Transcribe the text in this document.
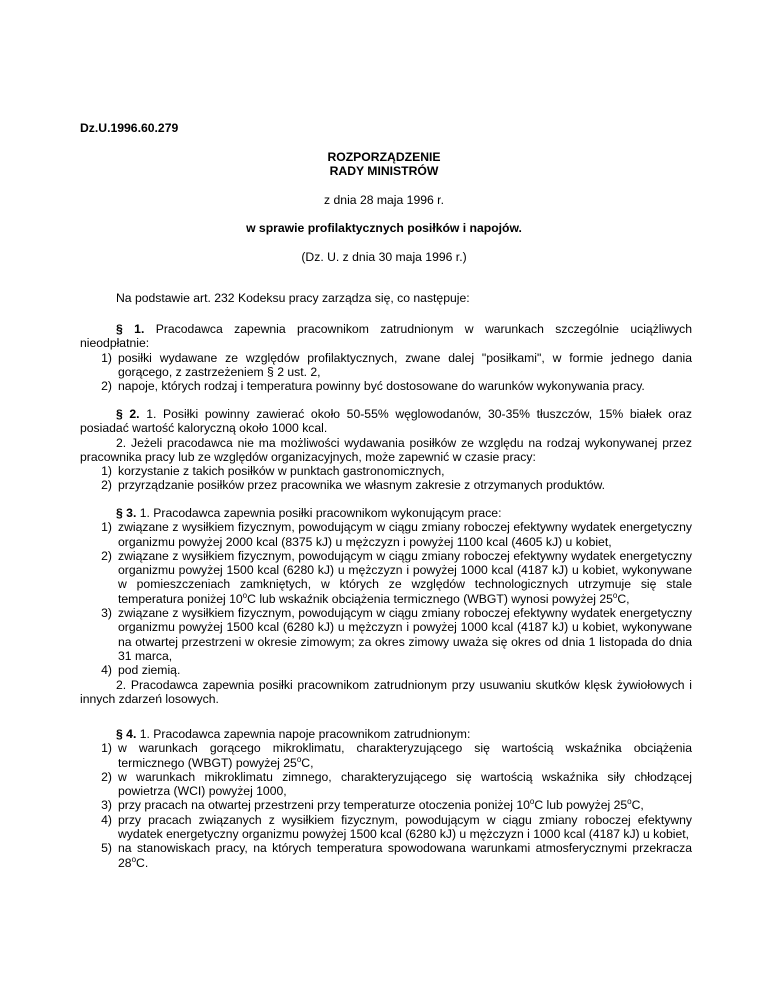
Dz.U.1996.60.279
ROZPORZĄDZENIE
RADY MINISTRÓW
z dnia 28 maja 1996 r.
w sprawie profilaktycznych posiłków i napojów.
(Dz. U. z dnia 30 maja 1996 r.)
Na podstawie art. 232 Kodeksu pracy zarządza się, co następuje:

§ 1. Pracodawca zapewnia pracownikom zatrudnionym w warunkach szczególnie uciążliwych nieodpłatnie:

1) posiłki wydawane ze względów profilaktycznych, zwane dalej "posiłkami", w formie jednego dania gorącego, z zastrzeżeniem § 2 ust. 2,
2) napoje, których rodzaj i temperatura powinny być dostosowane do warunków wykonywania pracy.

§ 2. 1. Posiłki powinny zawierać około 50-55% węglowodanów, 30-35% tłuszczów, 15% białek oraz posiadać wartość kaloryczną około 1000 kcal.

2. Jeżeli pracodawca nie ma możliwości wydawania posiłków ze względu na rodzaj wykonywanej przez pracownika pracy lub ze względów organizacyjnych, może zapewnić w czasie pracy:

1) korzystanie z takich posiłków w punktach gastronomicznych,
2) przyrządzanie posiłków przez pracownika we własnym zakresie z otrzymanych produktów.

§ 3. 1. Pracodawca zapewnia posiłki pracownikom wykonującym prace:

1) związane z wysiłkiem fizycznym, powodującym w ciągu zmiany roboczej efektywny wydatek energetyczny organizmu powyżej 2000 kcal (8375 kJ) u mężczyzn i powyżej 1100 kcal (4605 kJ) u kobiet,
2) związane z wysiłkiem fizycznym, powodującym w ciągu zmiany roboczej efektywny wydatek energetyczny organizmu powyżej 1500 kcal (6280 kJ) u mężczyzn i powyżej 1000 kcal (4187 kJ) u kobiet, wykonywane w pomieszczeniach zamkniętych, w których ze względów technologicznych utrzymuje się stale temperatura poniżej 10$^o$C lub wskaźnik obciążenia termicznego (WBGT) wynosi powyżej 25$^o$C,
3) związane z wysiłkiem fizycznym, powodującym w ciągu zmiany roboczej efektywny wydatek energetyczny organizmu powyżej 1500 kcal (6280 kJ) u mężczyzn i powyżej 1000 kcal (4187 kJ) u kobiet, wykonywane na otwartej przestrzeni w okresie zimowym; za okres zimowy uważa się okres od dnia 1 listopada do dnia 31 marca,
4) pod ziemią.

2. Pracodawca zapewnia posiłki pracownikom zatrudnionym przy usuwaniu skutków klęsk żywiołowych i innych zdarzeń losowych.

§ 4. 1. Pracodawca zapewnia napoje pracownikom zatrudnionym:

1) w warunkach gorącego mikroklimatu, charakteryzującego się wartością wskaźnika obciążenia termicznego (WBGT) powyżej 25$^o$C,
2) w warunkach mikroklimatu zimnego, charakteryzującego się wartością wskaźnika siły chłodzącej powietrza (WCI) powyżej 1000,
3) przy pracach na otwartej przestrzeni przy temperaturze otoczenia poniżej 10$^o$C lub powyżej 25$^o$C,
4) przy pracach związanych z wysiłkiem fizycznym, powodującym w ciągu zmiany roboczej efektywny wydatek energetyczny organizmu powyżej 1500 kcal (6280 kJ) u mężczyzn i 1000 kcal (4187 kJ) u kobiet,
5) na stanowiskach pracy, na których temperatura spowodowana warunkami atmosferycznymi przekracza 28$^o$C.
